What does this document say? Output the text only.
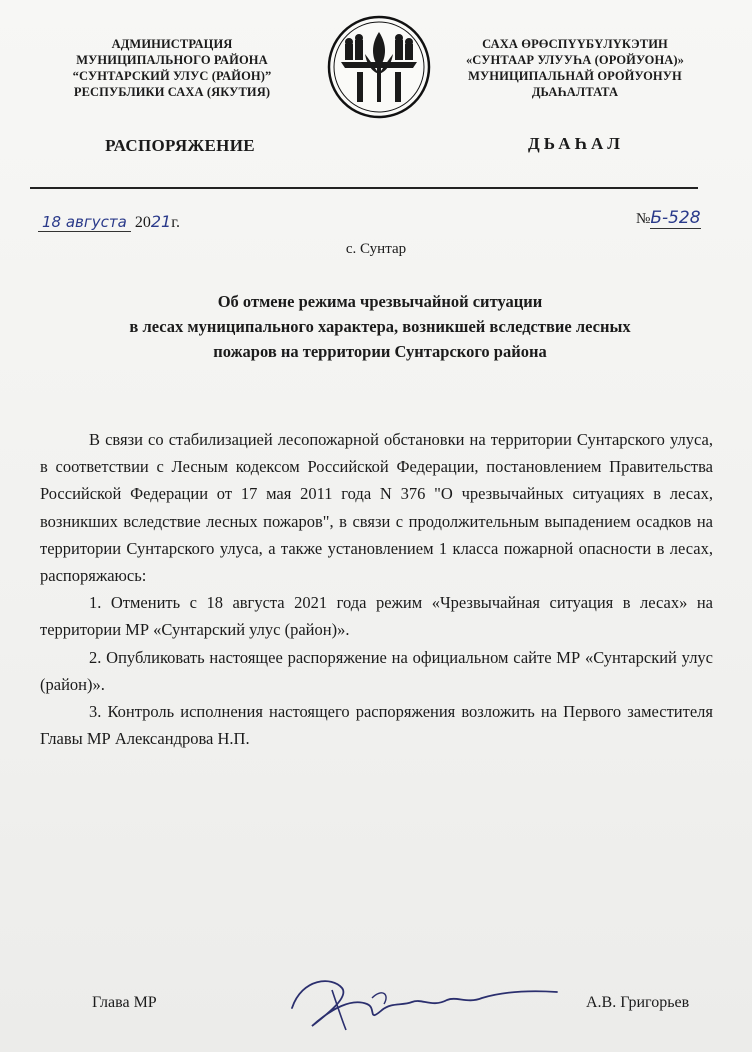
АДМИНИСТРАЦИЯ
МУНИЦИПАЛЬНОГО РАЙОНА
“СУНТАРСКИЙ УЛУС (РАЙОН)”
РЕСПУБЛИКИ САХА (ЯКУТИЯ)
САХА ӨРӨСПҮҮБҮЛҮКЭТИН
«СУНТААР УЛУУҺА (ОРОЙУОНА)»
МУНИЦИПАЛЬНАЙ ОРОЙУОНУН
ДЬАҺАЛТАТА
РАСПОРЯЖЕНИЕ	ДЬАҺАЛ
18 августа 2021г.	№Б-528
с. Сунтар
Об отмене режима чрезвычайной ситуации
в лесах муниципального характера, возникшей вследствие лесных
пожаров на территории Сунтарского района

В связи со стабилизацией лесопожарной обстановки на территории Сунтарского улуса, в соответствии с Лесным кодексом Российской Федерации, постановлением Правительства Российской Федерации от 17 мая 2011 года N 376 "О чрезвычайных ситуациях в лесах, возникших вследствие лесных пожаров", в связи с продолжительным выпадением осадков на территории Сунтарского улуса, а также установлением 1 класса пожарной опасности в лесах, распоряжаюсь:

1. Отменить с 18 августа 2021 года режим «Чрезвычайная ситуация в лесах» на территории МР «Сунтарский улус (район)».

2. Опубликовать настоящее распоряжение на официальном сайте МР «Сунтарский улус (район)».

3. Контроль исполнения настоящего распоряжения возложить на Первого заместителя Главы МР Александрова Н.П.

Глава МР	А.В. Григорьев
